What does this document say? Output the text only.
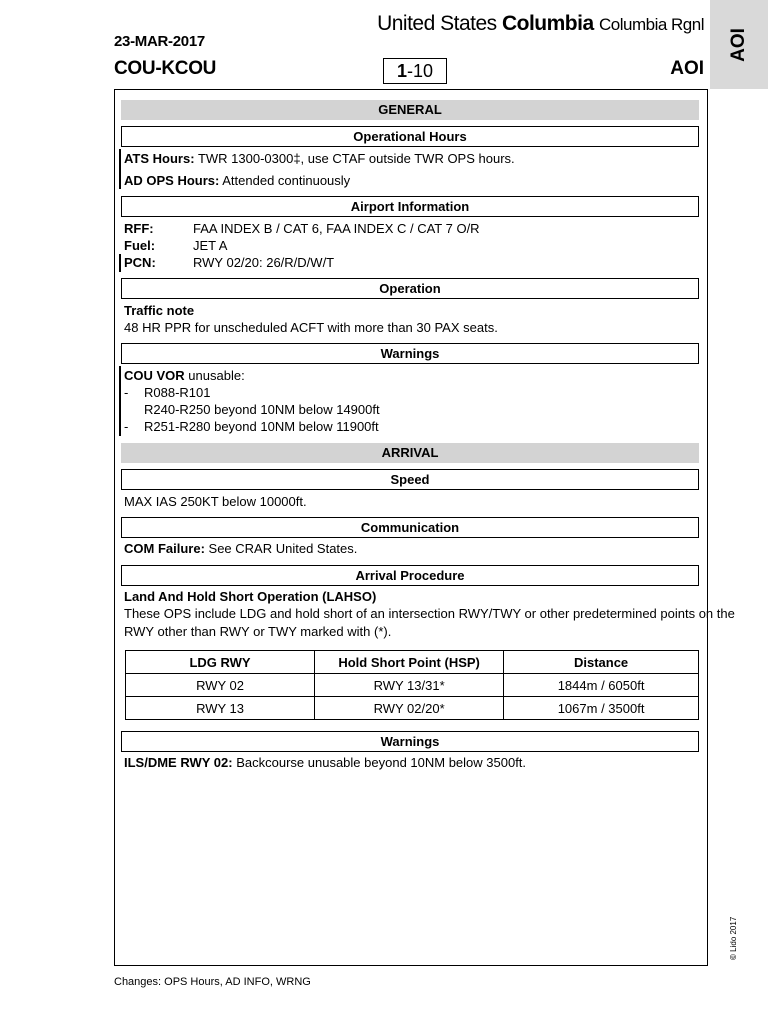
23-MAR-2017
COU-KCOU
United States Columbia Columbia Rgnl
1-10	AOI
AOI
GENERAL
Operational Hours
ATS Hours: TWR 1300-0300‡, use CTAF outside TWR OPS hours.
AD OPS Hours: Attended continuously
Airport Information
RFF:	FAA INDEX B / CAT 6, FAA INDEX C / CAT 7 O/R
Fuel:	JET A
PCN:	RWY 02/20: 26/R/D/W/T
Operation
Traffic note
48 HR PPR for unscheduled ACFT with more than 30 PAX seats.
Warnings
COU VOR unusable:
- R088-R101
R240-R250 beyond 10NM below 14900ft
- R251-R280 beyond 10NM below 11900ft
ARRIVAL
Speed
MAX IAS 250KT below 10000ft.
Communication
COM Failure: See CRAR United States.
Arrival Procedure
Land And Hold Short Operation (LAHSO)
These OPS include LDG and hold short of an intersection RWY/TWY or other predetermined points on the
RWY other than RWY or TWY marked with (*).
LDG RWY	Hold Short Point (HSP)	Distance
RWY 02	RWY 13/31*	1844m / 6050ft
RWY 13	RWY 02/20*	1067m / 3500ft
Warnings
ILS/DME RWY 02: Backcourse unusable beyond 10NM below 3500ft.
© Lido 2017
Changes: OPS Hours, AD INFO, WRNG
